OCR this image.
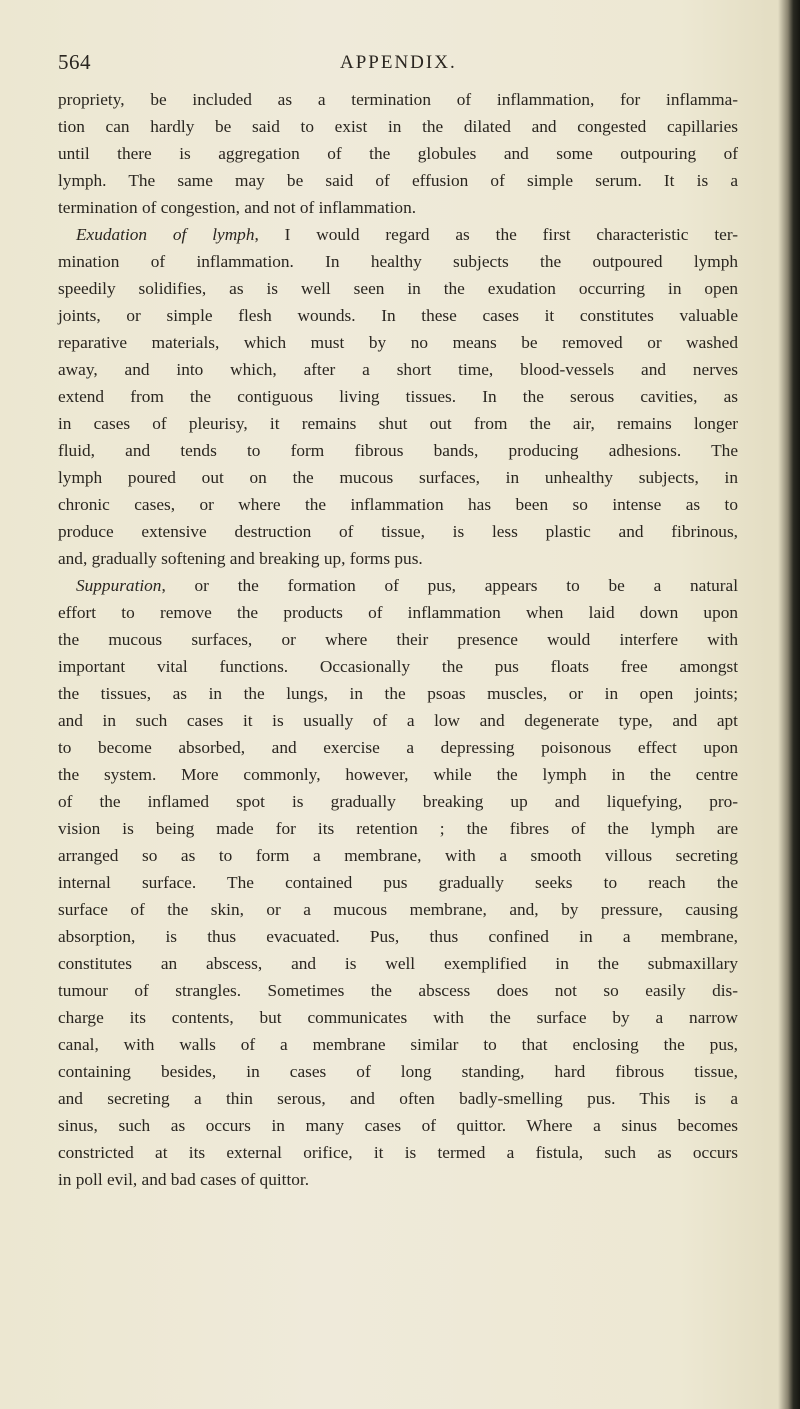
564	APPENDIX.
propriety, be included as a termination of inflammation, for inflamma-
tion can hardly be said to exist in the dilated and congested capillaries
until there is aggregation of the globules and some outpouring of
lymph. The same may be said of effusion of simple serum. It is a
termination of congestion, and not of inflammation.
Exudation of lymph, I would regard as the first characteristic ter-
mination of inflammation. In healthy subjects the outpoured lymph
speedily solidifies, as is well seen in the exudation occurring in open
joints, or simple flesh wounds. In these cases it constitutes valuable
reparative materials, which must by no means be removed or washed
away, and into which, after a short time, blood-vessels and nerves
extend from the contiguous living tissues. In the serous cavities, as
in cases of pleurisy, it remains shut out from the air, remains longer
fluid, and tends to form fibrous bands, producing adhesions. The
lymph poured out on the mucous surfaces, in unhealthy subjects, in
chronic cases, or where the inflammation has been so intense as to
produce extensive destruction of tissue, is less plastic and fibrinous,
and, gradually softening and breaking up, forms pus.
Suppuration, or the formation of pus, appears to be a natural
effort to remove the products of inflammation when laid down upon
the mucous surfaces, or where their presence would interfere with
important vital functions. Occasionally the pus floats free amongst
the tissues, as in the lungs, in the psoas muscles, or in open joints;
and in such cases it is usually of a low and degenerate type, and apt
to become absorbed, and exercise a depressing poisonous effect upon
the system. More commonly, however, while the lymph in the centre
of the inflamed spot is gradually breaking up and liquefying, pro-
vision is being made for its retention ; the fibres of the lymph are
arranged so as to form a membrane, with a smooth villous secreting
internal surface. The contained pus gradually seeks to reach the
surface of the skin, or a mucous membrane, and, by pressure, causing
absorption, is thus evacuated. Pus, thus confined in a membrane,
constitutes an abscess, and is well exemplified in the submaxillary
tumour of strangles. Sometimes the abscess does not so easily dis-
charge its contents, but communicates with the surface by a narrow
canal, with walls of a membrane similar to that enclosing the pus,
containing besides, in cases of long standing, hard fibrous tissue,
and secreting a thin serous, and often badly-smelling pus. This is a
sinus, such as occurs in many cases of quittor. Where a sinus becomes
constricted at its external orifice, it is termed a fistula, such as occurs
in poll evil, and bad cases of quittor.
